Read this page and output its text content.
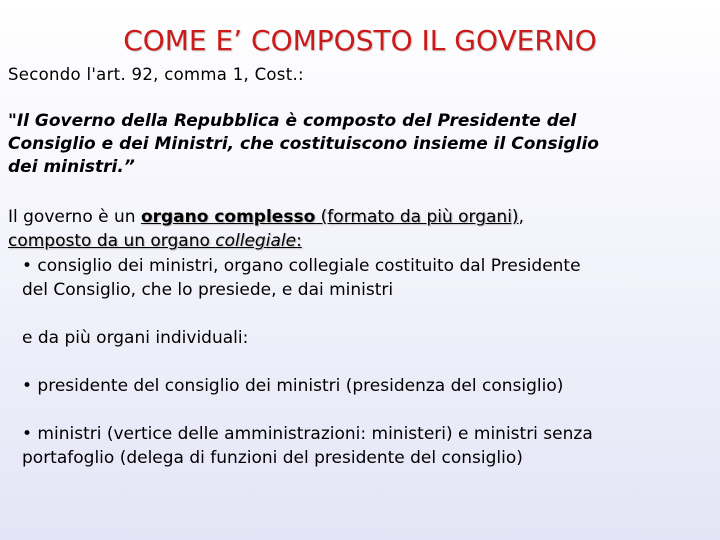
COME E’ COMPOSTO IL GOVERNO
Secondo l'art. 92, comma 1, Cost.:
"Il Governo della Repubblica è composto del Presidente del
Consiglio e dei Ministri, che costituiscono insieme il Consiglio
dei ministri.”
Il governo è un organo complesso (formato da più organi),
composto da un organo collegiale:
• consiglio dei ministri, organo collegiale costituito dal Presidente
del Consiglio, che lo presiede, e dai ministri
e da più organi individuali:
• presidente del consiglio dei ministri (presidenza del consiglio)
• ministri (vertice delle amministrazioni: ministeri) e ministri senza
portafoglio (delega di funzioni del presidente del consiglio)
